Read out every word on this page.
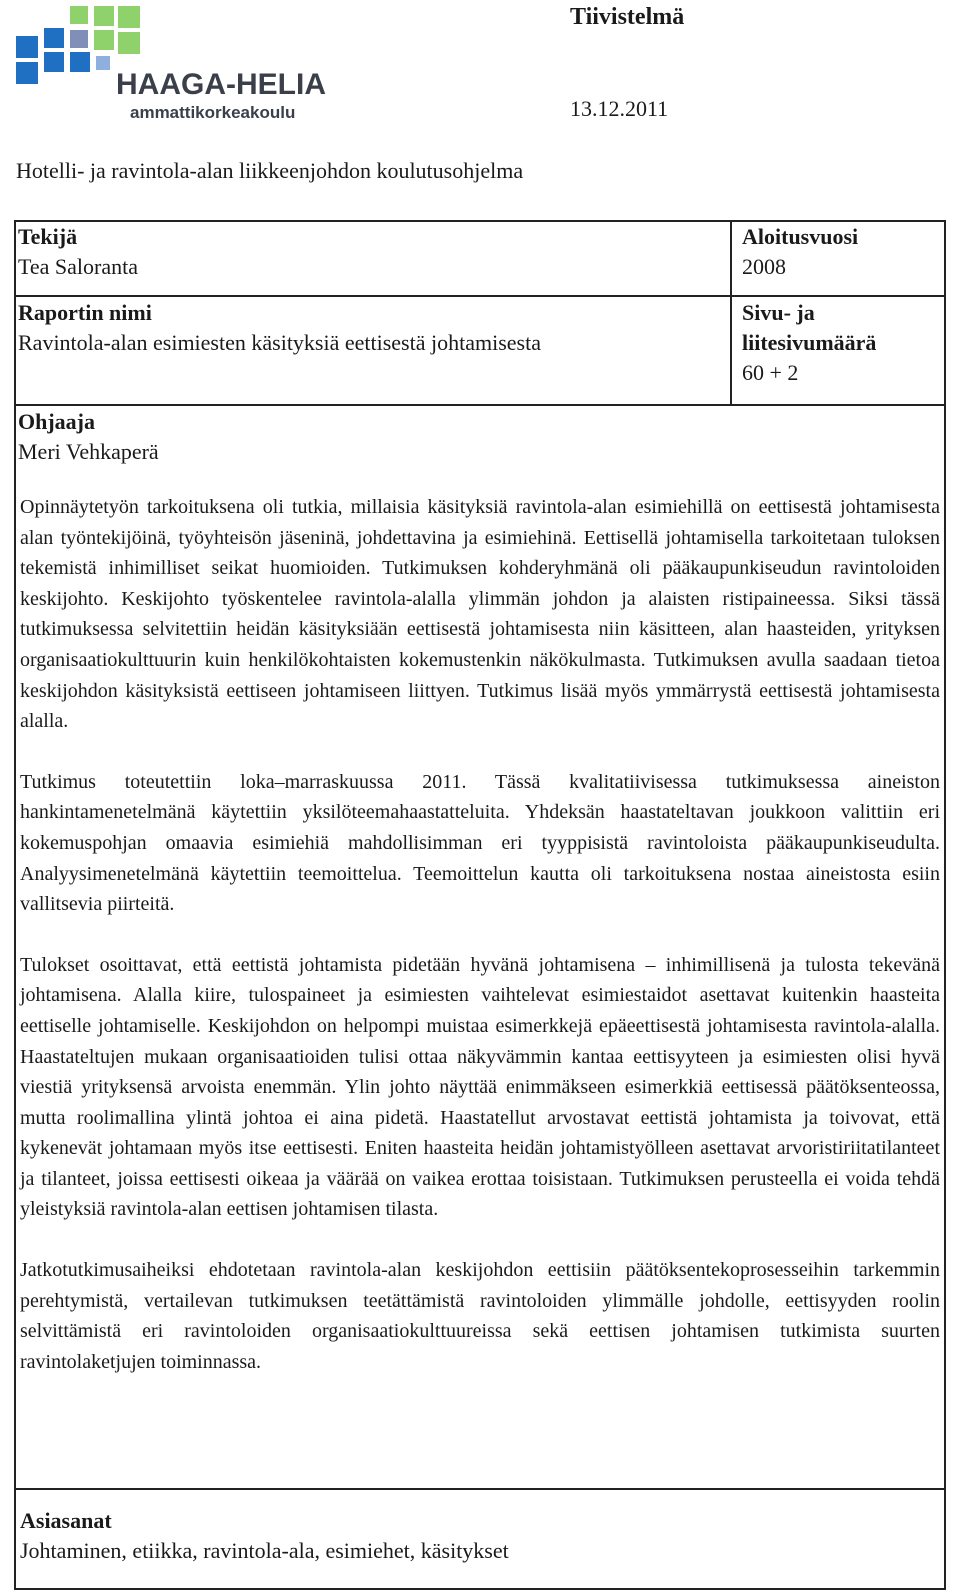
HAAGA-HELIA
ammattikorkeakoulu
Tiivistelmä
13.12.2011
Hotelli- ja ravintola-alan liikkeenjohdon koulutusohjelma
Tekijä
Tea Saloranta
Aloitusvuosi
2008
Raportin nimi
Ravintola-alan esimiesten käsityksiä eettisestä johtamisesta
Sivu- ja liitesivumäärä
60 + 2
Ohjaaja
Meri Vehkaperä

Opinnäytetyön tarkoituksena oli tutkia, millaisia käsityksiä ravintola-alan esimiehillä on eettisestä johtamisesta alan työntekijöinä, työyhteisön jäseninä, johdettavina ja esimiehinä. Eettisellä johtamisella tarkoitetaan tuloksen tekemistä inhimilliset seikat huomioiden. Tutkimuksen kohderyhmänä oli pääkaupunkiseudun ravintoloiden keskijohto. Keskijohto työskentelee ravintola-alalla ylimmän johdon ja alaisten ristipaineessa. Siksi tässä tutkimuksessa selvitettiin heidän käsityksiään eettisestä johtamisesta niin käsitteen, alan haasteiden, yrityksen organisaatiokulttuurin kuin henkilökohtaisten kokemustenkin näkökulmasta. Tutkimuksen avulla saadaan tietoa keskijohdon käsityksistä eettiseen johtamiseen liittyen. Tutkimus lisää myös ymmärrystä eettisestä johtamisesta alalla.

Tutkimus toteutettiin loka–marraskuussa 2011. Tässä kvalitatiivisessa tutkimuksessa aineiston hankintamenetelmänä käytettiin yksilöteemahaastatteluita. Yhdeksän haastateltavan joukkoon valittiin eri kokemuspohjan omaavia esimiehiä mahdollisimman eri tyyppisistä ravintoloista pääkaupunkiseudulta. Analyysimenetelmänä käytettiin teemoittelua. Teemoittelun kautta oli tarkoituksena nostaa aineistosta esiin vallitsevia piirteitä.

Tulokset osoittavat, että eettistä johtamista pidetään hyvänä johtamisena – inhimillisenä ja tulosta tekevänä johtamisena. Alalla kiire, tulospaineet ja esimiesten vaihtelevat esimiestaidot asettavat kuitenkin haasteita eettiselle johtamiselle. Keskijohdon on helpompi muistaa esimerkkejä epäeettisestä johtamisesta ravintola-alalla. Haastateltujen mukaan organisaatioiden tulisi ottaa näkyvämmin kantaa eettisyyteen ja esimiesten olisi hyvä viestiä yrityksensä arvoista enemmän. Ylin johto näyttää enimmäkseen esimerkkiä eettisessä päätöksenteossa, mutta roolimallina ylintä johtoa ei aina pidetä. Haastatellut arvostavat eettistä johtamista ja toivovat, että kykenevät johtamaan myös itse eettisesti. Eniten haasteita heidän johtamistyölleen asettavat arvoristiriitatilanteet ja tilanteet, joissa eettisesti oikeaa ja väärää on vaikea erottaa toisistaan. Tutkimuksen perusteella ei voida tehdä yleistyksiä ravintola-alan eettisen johtamisen tilasta.

Jatkotutkimusaiheiksi ehdotetaan ravintola-alan keskijohdon eettisiin päätöksentekoprosesseihin tarkemmin perehtymistä, vertailevan tutkimuksen teetättämistä ravintoloiden ylimmälle johdolle, eettisyyden roolin selvittämistä eri ravintoloiden organisaatiokulttuureissa sekä eettisen johtamisen tutkimista suurten ravintolaketjujen toiminnassa.

Asiasanat
Johtaminen, etiikka, ravintola-ala, esimiehet, käsitykset
